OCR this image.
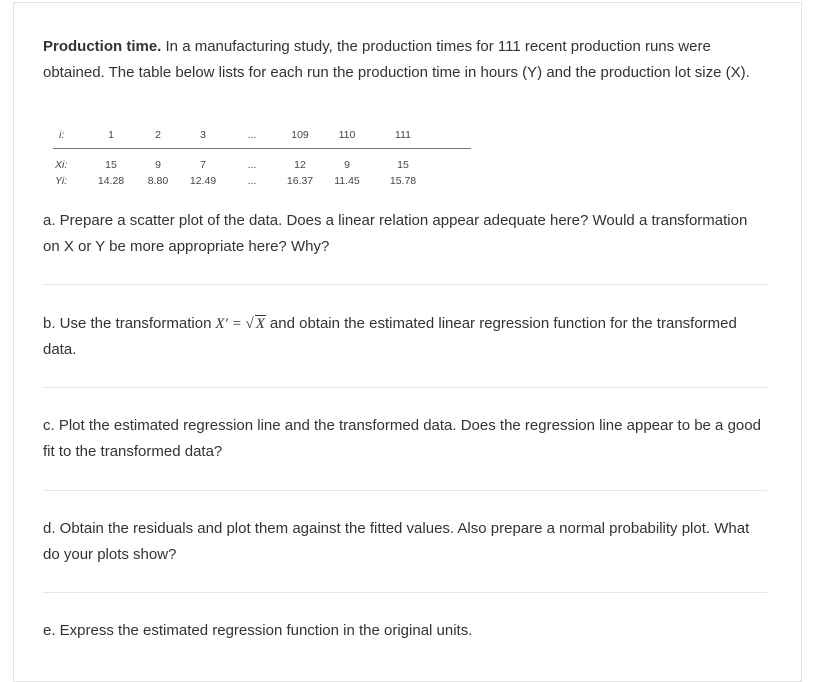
Production time. In a manufacturing study, the production times for 111 recent production runs were obtained. The table below lists for each run the production time in hours (Y) and the production lot size (X).

i:
Xi:
Yi:
1
15
14.28
2
9
8.80
3
7
12.49
...
...
...
109
12
16.37
110
9
11.45
111
15
15.78

a. Prepare a scatter plot of the data. Does a linear relation appear adequate here? Would a transformation on X or Y be more appropriate here? Why?

b. Use the transformation X′ = √ X and obtain the estimated linear regression function for the transformed data.

c. Plot the estimated regression line and the transformed data. Does the regression line appear to be a good fit to the transformed data?

d. Obtain the residuals and plot them against the fitted values. Also prepare a normal probability plot. What do your plots show?

e. Express the estimated regression function in the original units.
